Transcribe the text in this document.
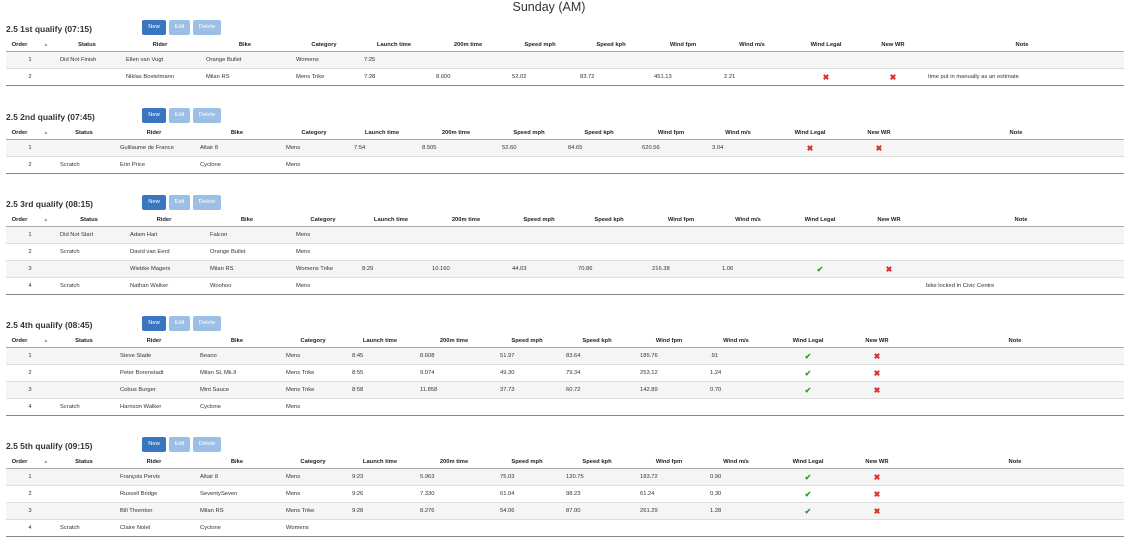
Sunday (AM)
2.5 1st qualify (07:15)	New	Edit	Delete
Order ▲	Status	Rider	Bike	Category	Launch time	200m time	Speed mph	Speed kph	Wind fpm	Wind m/s	Wind Legal	New WR	Note
1	Did Not Finish	Ellen van Vugt	Orange Bullet	Womens	7:25								
2		Niklas Bostelmann	Milan RS	Mens Trike	7:28	8.600	52.02	83.72	451.13	2.21	✖	✖	time put in manually as an estimate
2.5 2nd qualify (07:45)	New	Edit	Delete
Order ▲	Status	Rider	Bike	Category	Launch time	200m time	Speed mph	Speed kph	Wind fpm	Wind m/s	Wind Legal	New WR	Note
1		Guillaume de France	Altair 8	Mens	7:54	8.505	52.60	84.65	620.56	3.04	✖	✖	
2	Scratch	Erin Price	Cyclone	Mens									
2.5 3rd qualify (08:15)	New	Edit	Delete
Order ▲	Status	Rider	Bike	Category	Launch time	200m time	Speed mph	Speed kph	Wind fpm	Wind m/s	Wind Legal	New WR	Note
1	Did Not Start	Adam Hari	Falcon	Mens									
2	Scratch	David van Eerd	Orange Bullet	Mens									
3		Wiebke Magers	Milan RS	Womens Trike	8:29	10.160	44.03	70.86	216.38	1.06	✔	✖	
4	Scratch	Nathan Walker	Woohoo	Mens									bike locked in Civic Centre
2.5 4th qualify (08:45)	New	Edit	Delete
Order ▲	Status	Rider	Bike	Category	Launch time	200m time	Speed mph	Speed kph	Wind fpm	Wind m/s	Wind Legal	New WR	Note
1		Steve Slade	Beano	Mens	8:45	8.608	51.97	83.64	185.76	.91	✔	✖	
2		Peter Borenstadt	Milan SL Mk.II	Mens Trike	8:55	9.074	49.30	79.34	253.12	1.24	✔	✖	
3		Cobus Burger	Mint Sauce	Mens Trike	8:58	11.858	37.73	60.72	142.89	0.70	✔	✖	
4	Scratch	Harrison Walker	Cyclone	Mens									
2.5 5th qualify (09:15)	New	Edit	Delete
Order ▲	Status	Rider	Bike	Category	Launch time	200m time	Speed mph	Speed kph	Wind fpm	Wind m/s	Wind Legal	New WR	Note
1		François Pervis	Altair 8	Mens	9:23	5.963	75.03	120.75	183.72	0.90	✔	✖	
2		Russell Bridge	SeventySeven	Mens	9:26	7.330	61.04	98.23	61.24	0.30	✔	✖	
3		Bill Thornton	Milan RS	Mens Trike	9:28	8.276	54.06	87.00	261.29	1.28	✔	✖	
4	Scratch	Claire Nolet	Cyclone	Womens									
